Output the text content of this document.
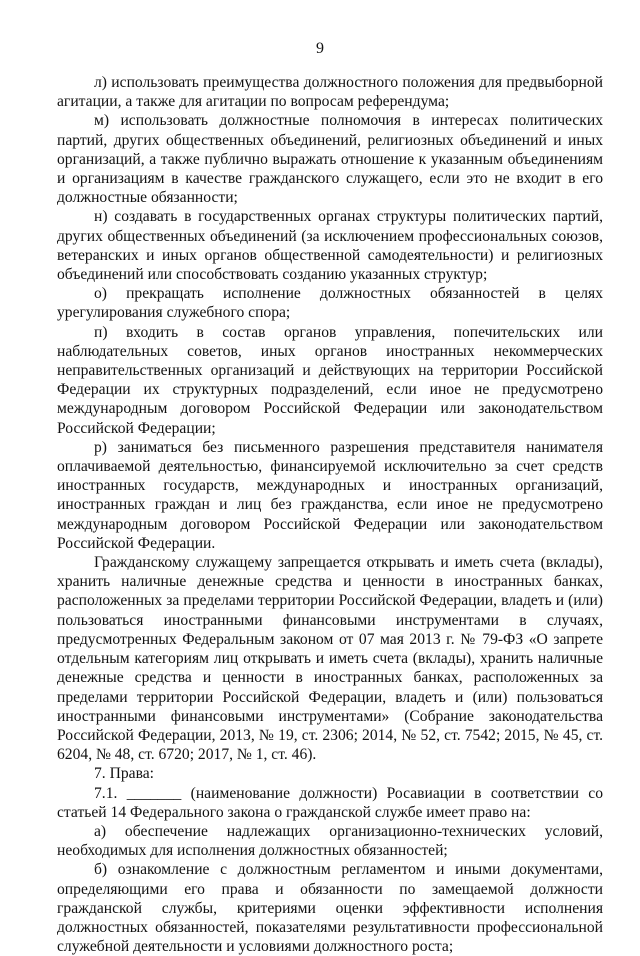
9

л) использовать преимущества должностного положения для предвыборной агитации, а также для агитации по вопросам референдума;

м) использовать должностные полномочия в интересах политических партий, других общественных объединений, религиозных объединений и иных организаций, а также публично выражать отношение к указанным объединениям и организациям в качестве гражданского служащего, если это не входит в его должностные обязанности;

н) создавать в государственных органах структуры политических партий, других общественных объединений (за исключением профессиональных союзов, ветеранских и иных органов общественной самодеятельности) и религиозных объединений или способствовать созданию указанных структур;

о) прекращать исполнение должностных обязанностей в целях урегулирования служебного спора;

п) входить в состав органов управления, попечительских или наблюдательных советов, иных органов иностранных некоммерческих неправительственных организаций и действующих на территории Российской Федерации их структурных подразделений, если иное не предусмотрено международным договором Российской Федерации или законодательством Российской Федерации;

р) заниматься без письменного разрешения представителя нанимателя оплачиваемой деятельностью, финансируемой исключительно за счет средств иностранных государств, международных и иностранных организаций, иностранных граждан и лиц без гражданства, если иное не предусмотрено международным договором Российской Федерации или законодательством Российской Федерации.

Гражданскому служащему запрещается открывать и иметь счета (вклады), хранить наличные денежные средства и ценности в иностранных банках, расположенных за пределами территории Российской Федерации, владеть и (или) пользоваться иностранными финансовыми инструментами в случаях, предусмотренных Федеральным законом от 07 мая 2013 г. № 79-ФЗ «О запрете отдельным категориям лиц открывать и иметь счета (вклады), хранить наличные денежные средства и ценности в иностранных банках, расположенных за пределами территории Российской Федерации, владеть и (или) пользоваться иностранными финансовыми инструментами» (Собрание законодательства Российской Федерации, 2013, № 19, ст. 2306; 2014, № 52, ст. 7542; 2015, № 45, ст. 6204, № 48, ст. 6720; 2017, № 1, ст. 46).

7. Права:

7.1. _______ (наименование должности) Росавиации в соответствии со статьей 14 Федерального закона о гражданской службе имеет право на:

а) обеспечение надлежащих организационно-технических условий, необходимых для исполнения должностных обязанностей;

б) ознакомление с должностным регламентом и иными документами, определяющими его права и обязанности по замещаемой должности гражданской службы, критериями оценки эффективности исполнения должностных обязанностей, показателями результативности профессиональной служебной деятельности и условиями должностного роста;
